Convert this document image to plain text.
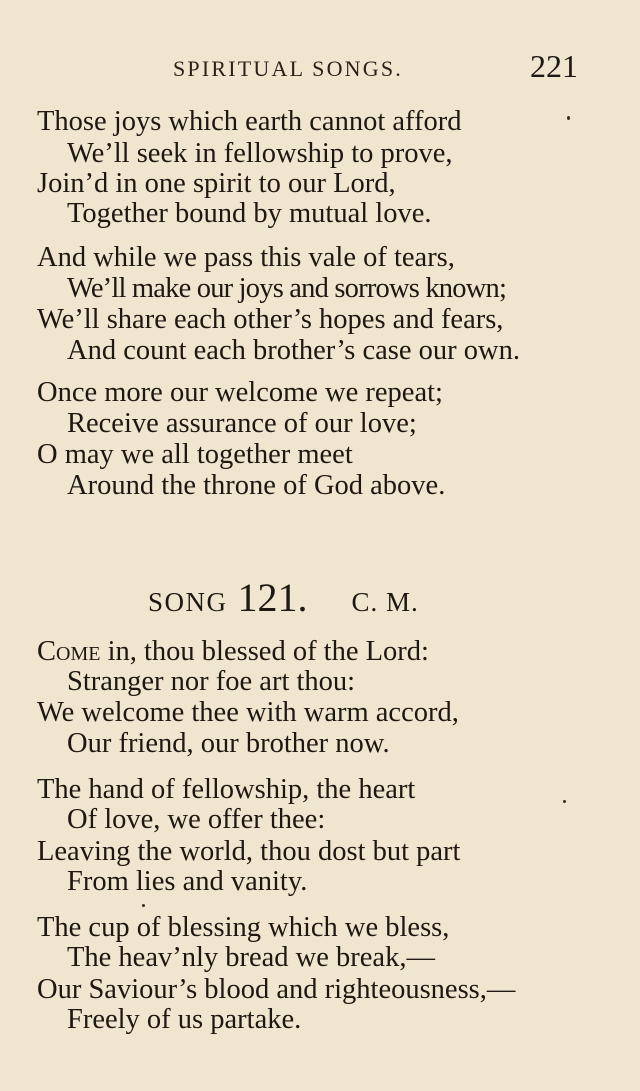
SPIRITUAL SONGS.	221
Those joys which earth cannot afford
We’ll seek in fellowship to prove,
Join’d in one spirit to our Lord,
Together bound by mutual love.
And while we pass this vale of tears,
We’ll make our joys and sorrows known;
We’ll share each other’s hopes and fears,
And count each brother’s case our own.
Once more our welcome we repeat;
Receive assurance of our love;
O may we all together meet
Around the throne of God above.
SONG 121. C. M.
Come in, thou blessed of the Lord:
Stranger nor foe art thou:
We welcome thee with warm accord,
Our friend, our brother now.
The hand of fellowship, the heart
Of love, we offer thee:
Leaving the world, thou dost but part
From lies and vanity.
The cup of blessing which we bless,
The heav’nly bread we break,—
Our Saviour’s blood and righteousness,—
Freely of us partake.
